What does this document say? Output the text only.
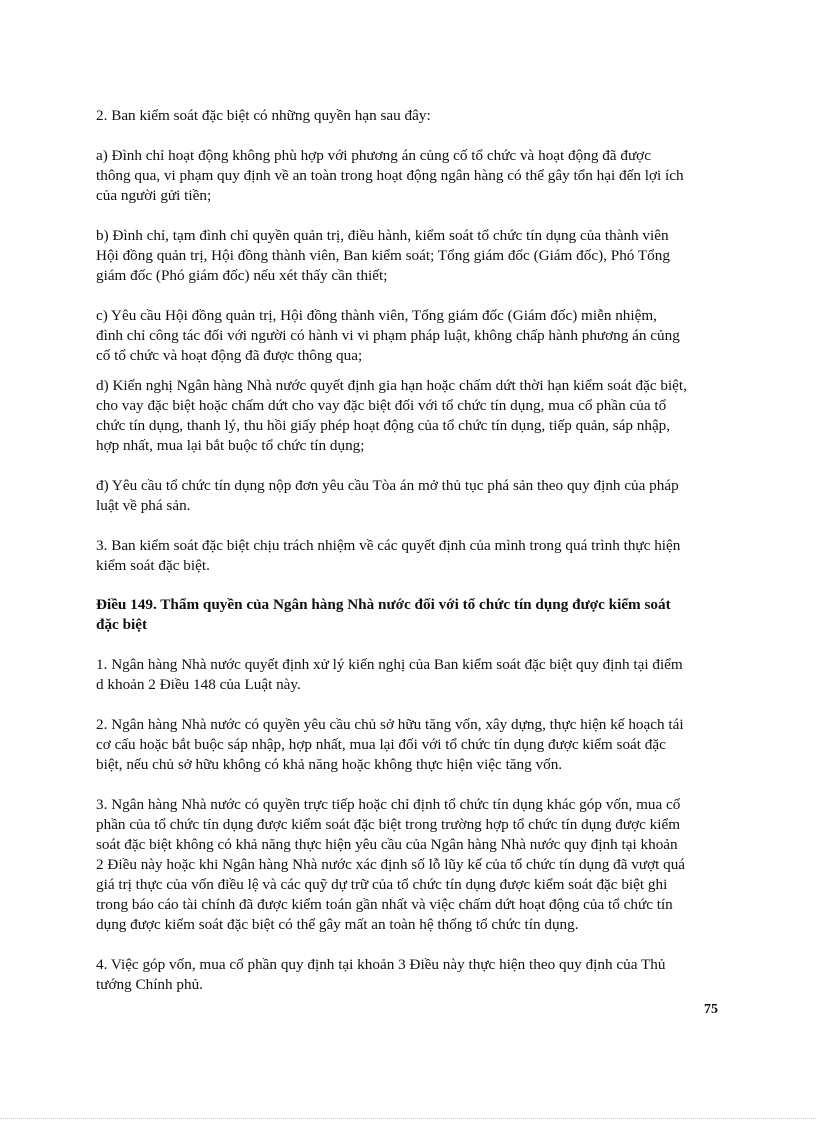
2. Ban kiểm soát đặc biệt có những quyền hạn sau đây:
a) Đình chỉ hoạt động không phù hợp với phương án củng cố tổ chức và hoạt động đã được
thông qua, vi phạm quy định về an toàn trong hoạt động ngân hàng có thể gây tổn hại đến lợi ích
của người gửi tiền;
b) Đình chỉ, tạm đình chỉ quyền quản trị, điều hành, kiểm soát tổ chức tín dụng của thành viên
Hội đồng quản trị, Hội đồng thành viên, Ban kiểm soát; Tổng giám đốc (Giám đốc), Phó Tổng
giám đốc (Phó giám đốc) nếu xét thấy cần thiết;
c) Yêu cầu Hội đồng quản trị, Hội đồng thành viên, Tổng giám đốc (Giám đốc) miễn nhiệm,
đình chỉ công tác đối với người có hành vi vi phạm pháp luật, không chấp hành phương án củng
cố tổ chức và hoạt động đã được thông qua;
d) Kiến nghị Ngân hàng Nhà nước quyết định gia hạn hoặc chấm dứt thời hạn kiểm soát đặc biệt,
cho vay đặc biệt hoặc chấm dứt cho vay đặc biệt đối với tổ chức tín dụng, mua cổ phần của tổ
chức tín dụng, thanh lý, thu hồi giấy phép hoạt động của tổ chức tín dụng, tiếp quản, sáp nhập,
hợp nhất, mua lại bắt buộc tổ chức tín dụng;
đ) Yêu cầu tổ chức tín dụng nộp đơn yêu cầu Tòa án mở thủ tục phá sản theo quy định của pháp
luật về phá sản.
3. Ban kiểm soát đặc biệt chịu trách nhiệm về các quyết định của mình trong quá trình thực hiện
kiểm soát đặc biệt.
Điều 149. Thẩm quyền của Ngân hàng Nhà nước đối với tổ chức tín dụng được kiểm soát
đặc biệt
1. Ngân hàng Nhà nước quyết định xử lý kiến nghị của Ban kiểm soát đặc biệt quy định tại điểm
d khoản 2 Điều 148 của Luật này.
2. Ngân hàng Nhà nước có quyền yêu cầu chủ sở hữu tăng vốn, xây dựng, thực hiện kế hoạch tái
cơ cấu hoặc bắt buộc sáp nhập, hợp nhất, mua lại đối với tổ chức tín dụng được kiểm soát đặc
biệt, nếu chủ sở hữu không có khả năng hoặc không thực hiện việc tăng vốn.
3. Ngân hàng Nhà nước có quyền trực tiếp hoặc chỉ định tổ chức tín dụng khác góp vốn, mua cổ
phần của tổ chức tín dụng được kiểm soát đặc biệt trong trường hợp tổ chức tín dụng được kiểm
soát đặc biệt không có khả năng thực hiện yêu cầu của Ngân hàng Nhà nước quy định tại khoản
2 Điều này hoặc khi Ngân hàng Nhà nước xác định số lỗ lũy kế của tổ chức tín dụng đã vượt quá
giá trị thực của vốn điều lệ và các quỹ dự trữ của tổ chức tín dụng được kiểm soát đặc biệt ghi
trong báo cáo tài chính đã được kiểm toán gần nhất và việc chấm dứt hoạt động của tổ chức tín
dụng được kiểm soát đặc biệt có thể gây mất an toàn hệ thống tổ chức tín dụng.
4. Việc góp vốn, mua cổ phần quy định tại khoản 3 Điều này thực hiện theo quy định của Thủ
tướng Chính phủ.
75
